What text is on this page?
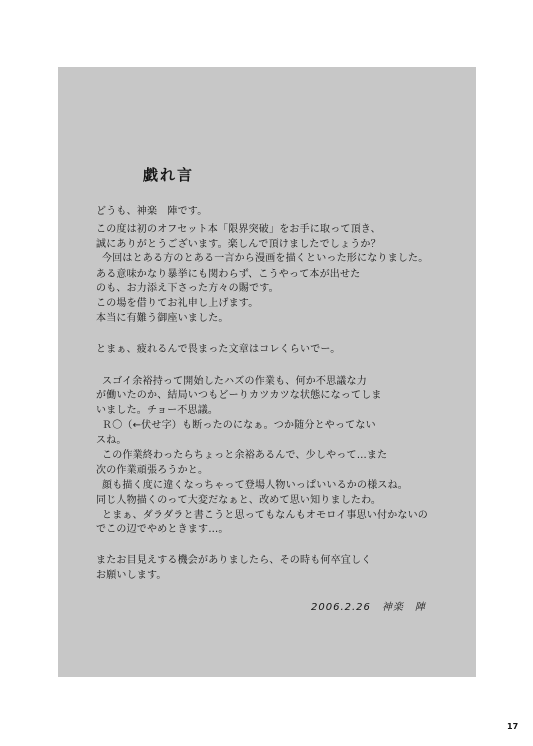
戯れ言
どうも、神楽　陣です。
この度は初のオフセット本「限界突破」をお手に取って頂き、
誠にありがとうございます。楽しんで頂けましたでしょうか？
今回はとある方のとある一言から漫画を描くといった形になりました。
ある意味かなり暴挙にも関わらず、こうやって本が出せた
のも、お力添え下さった方々の賜です。
この場を借りてお礼申し上げます。
本当に有難う御座いました。
とまぁ、疲れるんで畏まった文章はコレくらいでー。
スゴイ余裕持って開始したハズの作業も、何か不思議な力
が働いたのか、結局いつもどーりカツカツな状態になってしま
いました。チョー不思議。
Ｒ〇（←伏せ字）も断ったのになぁ。つか随分とやってない
スね。
この作業終わったらちょっと余裕あるんで、少しやって…また
次の作業頑張ろうかと。
顔も描く度に違くなっちゃって登場人物いっぱいいるかの様スね。
同じ人物描くのって大変だなぁと、改めて思い知りましたわ。
とまぁ、ダラダラと書こうと思ってもなんもオモロイ事思い付かないの
でこの辺でやめときます…。
またお目見えする機会がありましたら、その時も何卒宜しく
お願いします。
2006.2.26　神楽　陣
17
